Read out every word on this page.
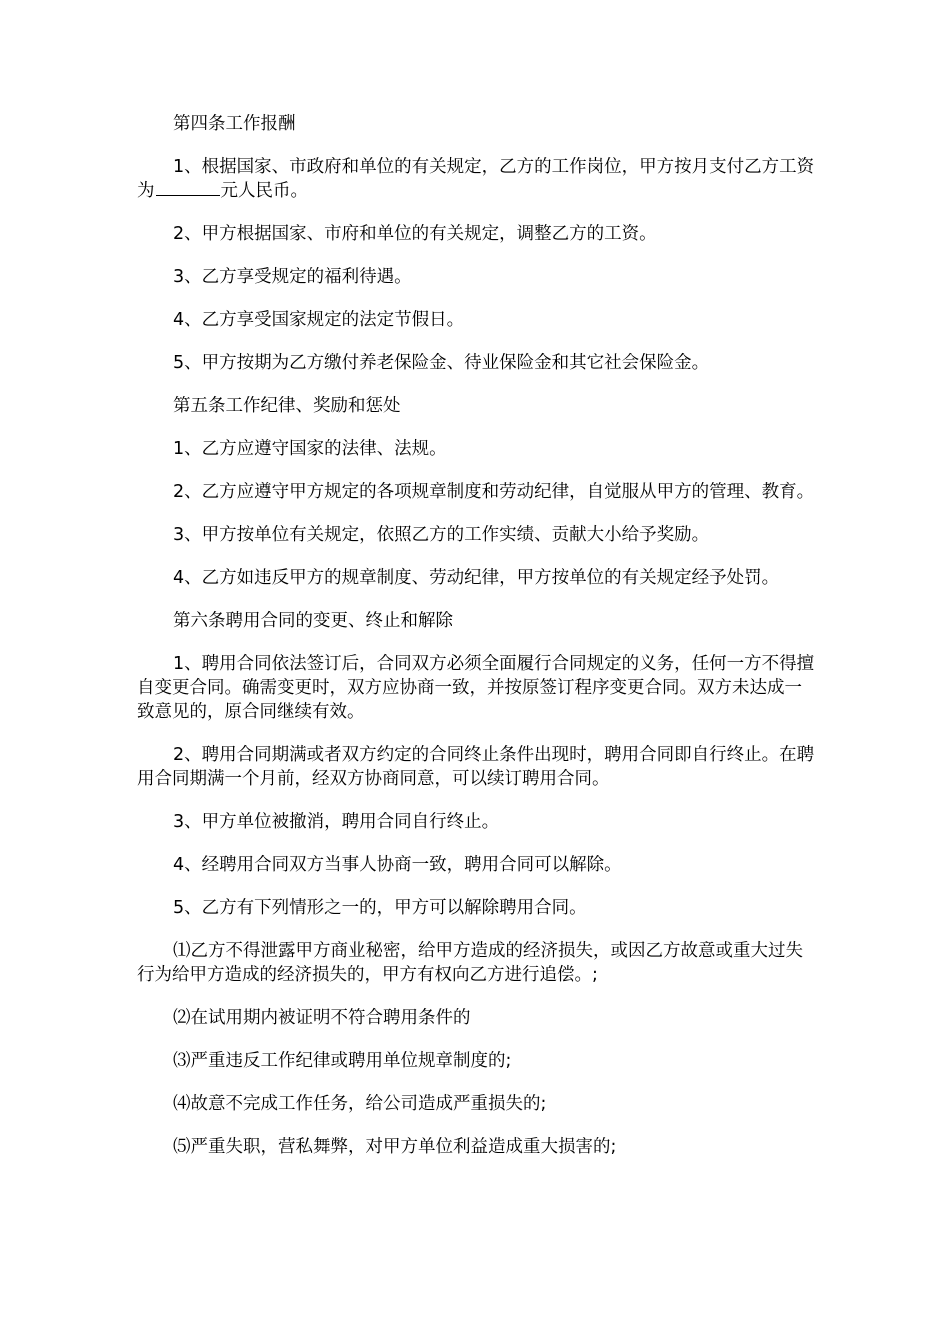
第四条工作报酬

1、根据国家、市政府和单位的有关规定，乙方的工作岗位，甲方按月支付乙方工资为	元人民币。

2、甲方根据国家、市府和单位的有关规定，调整乙方的工资。

3、乙方享受规定的福利待遇。

4、乙方享受国家规定的法定节假日。

5、甲方按期为乙方缴付养老保险金、待业保险金和其它社会保险金。

第五条工作纪律、奖励和惩处

1、乙方应遵守国家的法律、法规。

2、乙方应遵守甲方规定的各项规章制度和劳动纪律，自觉服从甲方的管理、教育。

3、甲方按单位有关规定，依照乙方的工作实绩、贡献大小给予奖励。

4、乙方如违反甲方的规章制度、劳动纪律，甲方按单位的有关规定经予处罚。

第六条聘用合同的变更、终止和解除

1、聘用合同依法签订后，合同双方必须全面履行合同规定的义务，任何一方不得擅自变更合同。确需变更时，双方应协商一致，并按原签订程序变更合同。双方未达成一致意见的，原合同继续有效。

2、聘用合同期满或者双方约定的合同终止条件出现时，聘用合同即自行终止。在聘用合同期满一个月前，经双方协商同意，可以续订聘用合同。

3、甲方单位被撤消，聘用合同自行终止。

4、经聘用合同双方当事人协商一致，聘用合同可以解除。

5、乙方有下列情形之一的，甲方可以解除聘用合同。

⑴乙方不得泄露甲方商业秘密，给甲方造成的经济损失，或因乙方故意或重大过失行为给甲方造成的经济损失的，甲方有权向乙方进行追偿。;

⑵在试用期内被证明不符合聘用条件的

⑶严重违反工作纪律或聘用单位规章制度的;

⑷故意不完成工作任务，给公司造成严重损失的;

⑸严重失职，营私舞弊，对甲方单位利益造成重大损害的;
